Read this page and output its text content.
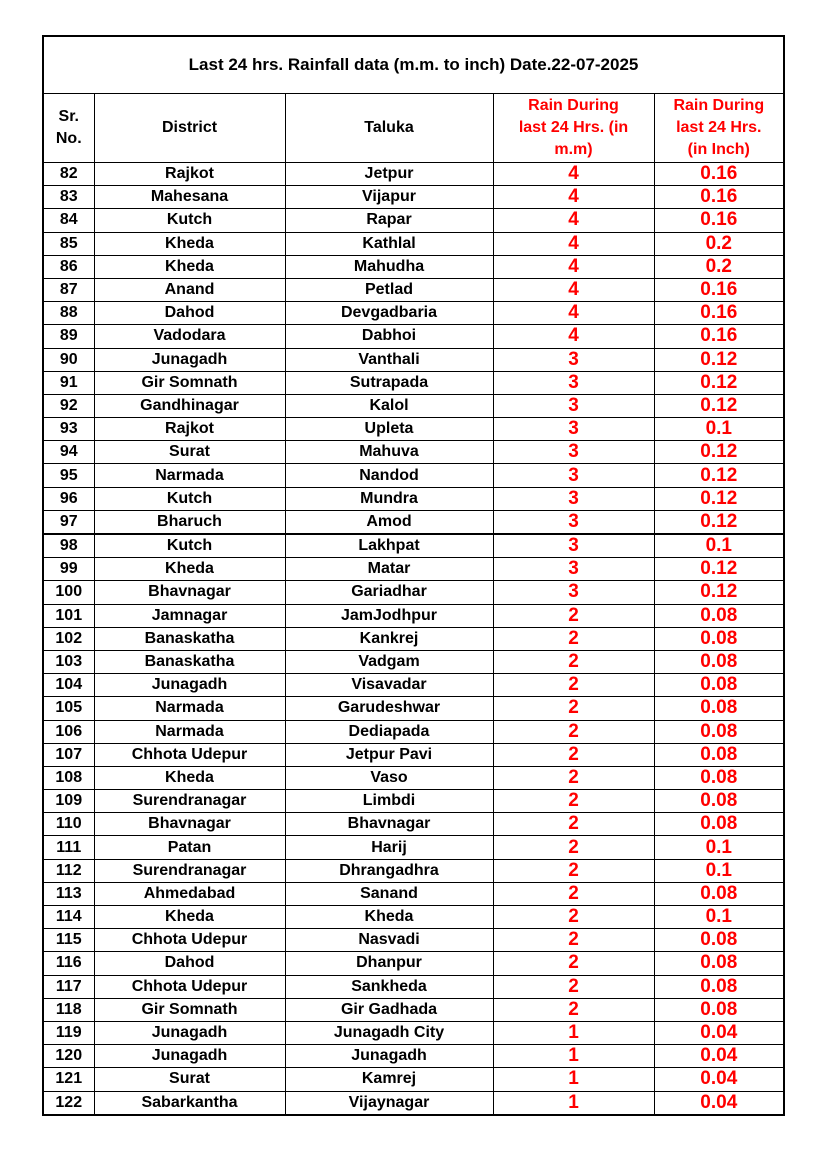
Last 24 hrs. Rainfall data (m.m. to inch) Date.22-07-2025				
Sr. No.	District	Taluka	Rain During last 24 Hrs. (in m.m)	Rain During last 24 Hrs. (in Inch)
82	Rajkot	Jetpur	4	0.16
83	Mahesana	Vijapur	4	0.16
84	Kutch	Rapar	4	0.16
85	Kheda	Kathlal	4	0.2
86	Kheda	Mahudha	4	0.2
87	Anand	Petlad	4	0.16
88	Dahod	Devgadbaria	4	0.16
89	Vadodara	Dabhoi	4	0.16
90	Junagadh	Vanthali	3	0.12
91	Gir Somnath	Sutrapada	3	0.12
92	Gandhinagar	Kalol	3	0.12
93	Rajkot	Upleta	3	0.1
94	Surat	Mahuva	3	0.12
95	Narmada	Nandod	3	0.12
96	Kutch	Mundra	3	0.12
97	Bharuch	Amod	3	0.12
98	Kutch	Lakhpat	3	0.1
99	Kheda	Matar	3	0.12
100	Bhavnagar	Gariadhar	3	0.12
101	Jamnagar	JamJodhpur	2	0.08
102	Banaskatha	Kankrej	2	0.08
103	Banaskatha	Vadgam	2	0.08
104	Junagadh	Visavadar	2	0.08
105	Narmada	Garudeshwar	2	0.08
106	Narmada	Dediapada	2	0.08
107	Chhota Udepur	Jetpur Pavi	2	0.08
108	Kheda	Vaso	2	0.08
109	Surendranagar	Limbdi	2	0.08
110	Bhavnagar	Bhavnagar	2	0.08
111	Patan	Harij	2	0.1
112	Surendranagar	Dhrangadhra	2	0.1
113	Ahmedabad	Sanand	2	0.08
114	Kheda	Kheda	2	0.1
115	Chhota Udepur	Nasvadi	2	0.08
116	Dahod	Dhanpur	2	0.08
117	Chhota Udepur	Sankheda	2	0.08
118	Gir Somnath	Gir Gadhada	2	0.08
119	Junagadh	Junagadh City	1	0.04
120	Junagadh	Junagadh	1	0.04
121	Surat	Kamrej	1	0.04
122	Sabarkantha	Vijaynagar	1	0.04
